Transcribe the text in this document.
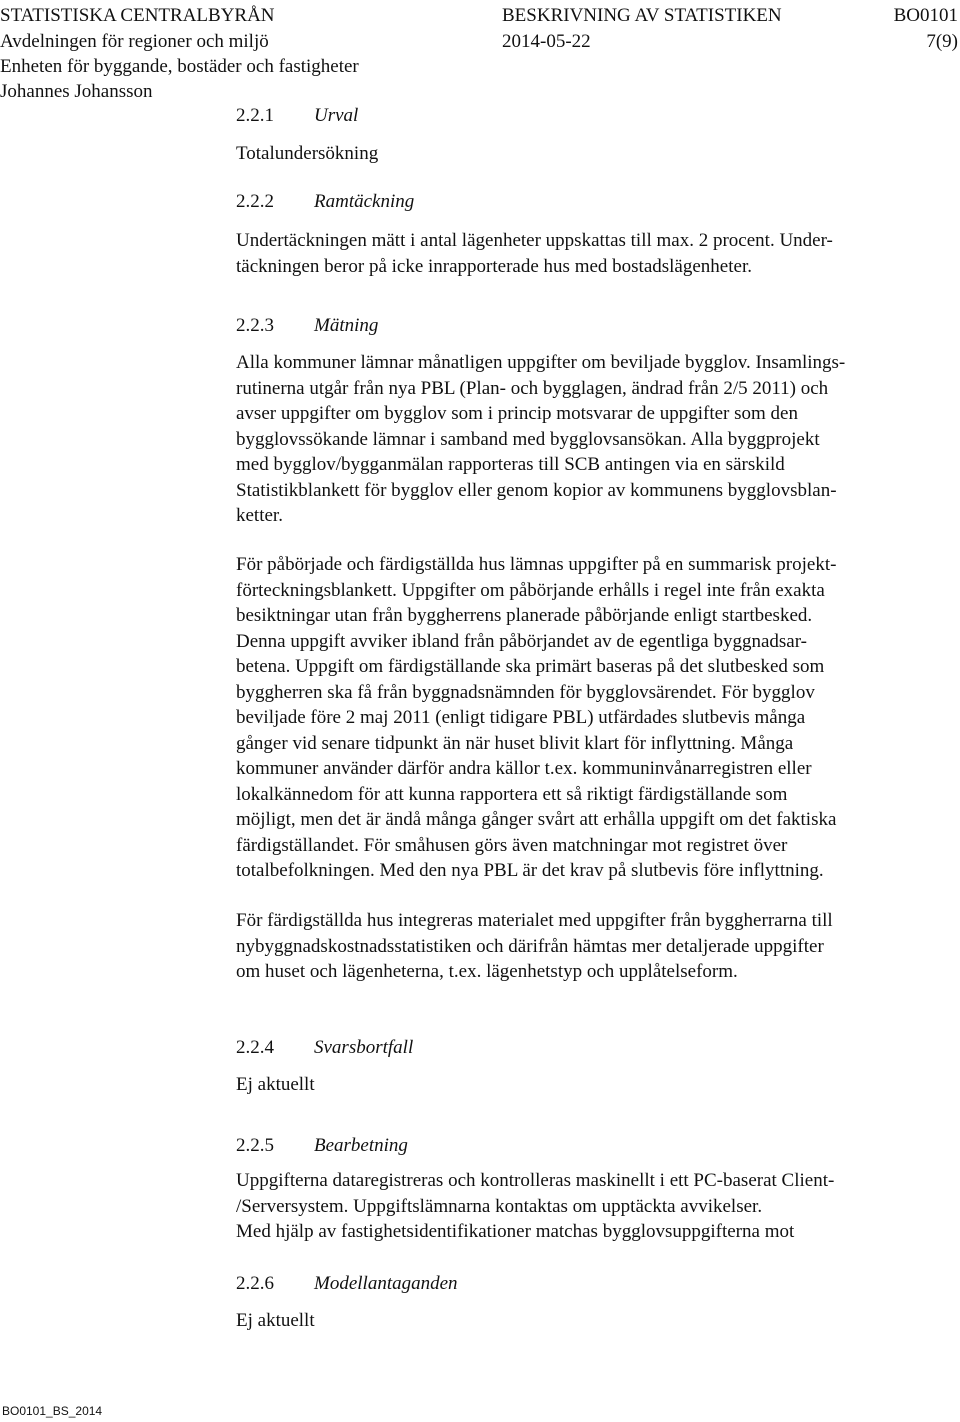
STATISTISKA CENTRALBYRÅN	BESKRIVNING AV STATISTIKEN	BO0101
Avdelningen för regioner och miljö	2014-05-22	7(9)
Enheten för byggande, bostäder och fastigheter
Johannes Johansson
2.2.1 Urval
Totalundersökning
2.2.2 Ramtäckning
Undertäckningen mätt i antal lägenheter uppskattas till max. 2 procent. Under-
täckningen beror på icke inrapporterade hus med bostadslägenheter.
2.2.3 Mätning
Alla kommuner lämnar månatligen uppgifter om beviljade bygglov. Insamlings-
rutinerna utgår från nya PBL (Plan- och bygglagen, ändrad från 2/5 2011) och
avser uppgifter om bygglov som i princip motsvarar de uppgifter som den
bygglovssökande lämnar i samband med bygglovsansökan. Alla byggprojekt
med bygglov/bygganmälan rapporteras till SCB antingen via en särskild
Statistikblankett för bygglov eller genom kopior av kommunens bygglovsblan-
ketter.
För påbörjade och färdigställda hus lämnas uppgifter på en summarisk projekt-
förteckningsblankett. Uppgifter om påbörjande erhålls i regel inte från exakta
besiktningar utan från byggherrens planerade påbörjande enligt startbesked.
Denna uppgift avviker ibland från påbörjandet av de egentliga byggnadsar-
betena. Uppgift om färdigställande ska primärt baseras på det slutbesked som
byggherren ska få från byggnadsnämnden för bygglovsärendet. För bygglov
beviljade före 2 maj 2011 (enligt tidigare PBL) utfärdades slutbevis många
gånger vid senare tidpunkt än när huset blivit klart för inflyttning. Många
kommuner använder därför andra källor t.ex. kommuninvånarregistren eller
lokalkännedom för att kunna rapportera ett så riktigt färdigställande som
möjligt, men det är ändå många gånger svårt att erhålla uppgift om det faktiska
färdigställandet. För småhusen görs även matchningar mot registret över
totalbefolkningen. Med den nya PBL är det krav på slutbevis före inflyttning.
För färdigställda hus integreras materialet med uppgifter från byggherrarna till
nybyggnadskostnadsstatistiken och därifrån hämtas mer detaljerade uppgifter
om huset och lägenheterna, t.ex. lägenhetstyp och upplåtelseform.
2.2.4 Svarsbortfall
Ej aktuellt
2.2.5 Bearbetning
Uppgifterna dataregistreras och kontrolleras maskinellt i ett PC-baserat Client-
/Serversystem. Uppgiftslämnarna kontaktas om upptäckta avvikelser.
Med hjälp av fastighetsidentifikationer matchas bygglovsuppgifterna mot
2.2.6 Modellantaganden
Ej aktuellt
BO0101_BS_2014
